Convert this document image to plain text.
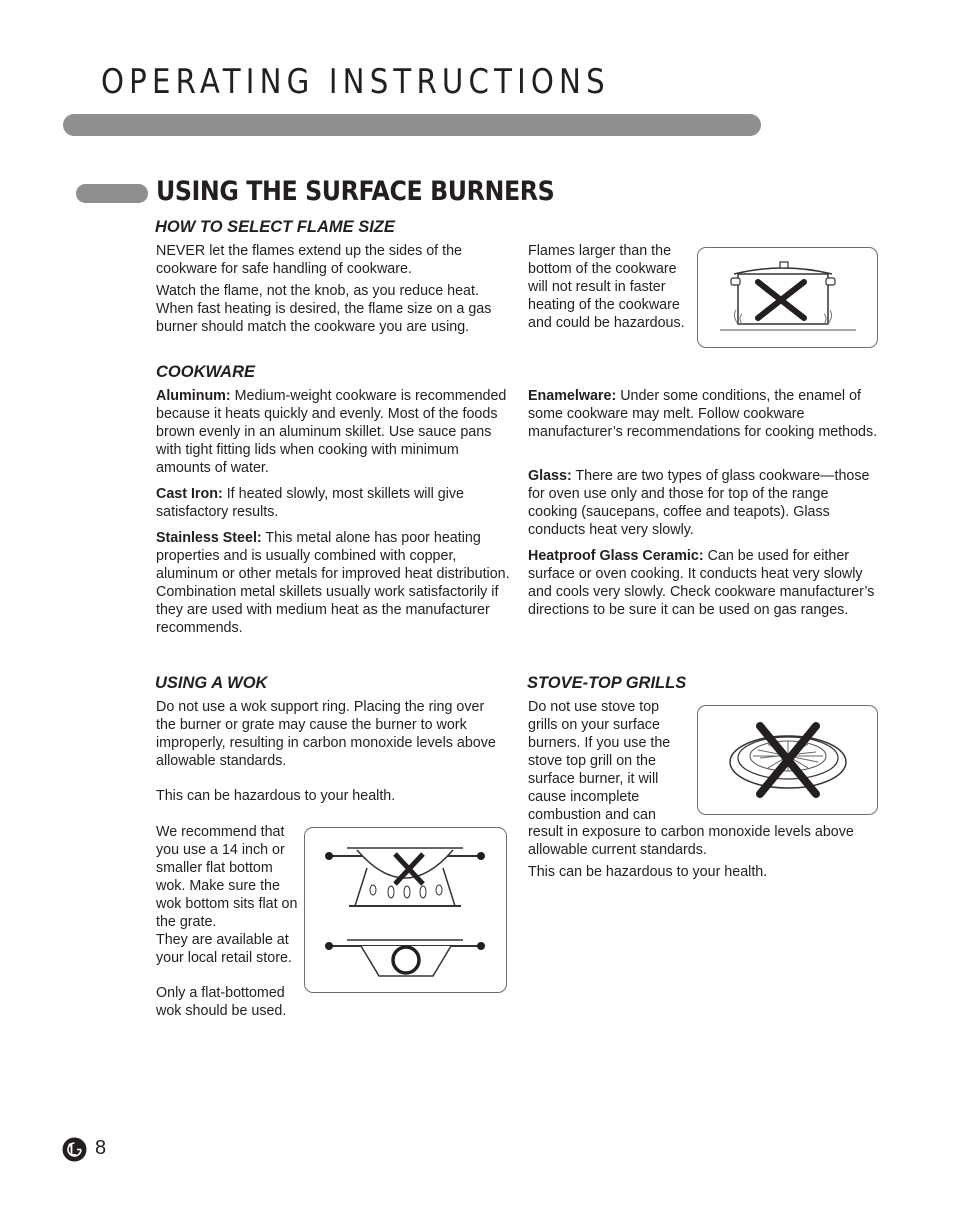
OPERATING INSTRUCTIONS
USING THE SURFACE BURNERS
HOW TO SELECT FLAME SIZE

NEVER let the flames extend up the sides of the cookware for safe handling of cookware.

Watch the flame, not the knob, as you reduce heat. When fast heating is desired, the flame size on a gas burner should match the cookware you are using.

Flames larger than the bottom of the cookware will not result in faster heating of the cookware and could be hazardous.

COOKWARE

Aluminum: Medium-weight cookware is recommended because it heats quickly and evenly. Most of the foods brown evenly in an aluminum skillet. Use sauce pans with tight fitting lids when cooking with minimum amounts of water.

Cast Iron: If heated slowly, most skillets will give satisfactory results.

Stainless Steel: This metal alone has poor heating properties and is usually combined with copper, aluminum or other metals for improved heat distribution. Combination metal skillets usually work satisfactorily if they are used with medium heat as the manufacturer recommends.

Enamelware: Under some conditions, the enamel of some cookware may melt. Follow cookware manufacturer’s recommendations for cooking methods.

Glass: There are two types of glass cookware—those for oven use only and those for top of the range cooking (saucepans, coffee and teapots). Glass conducts heat very slowly.

Heatproof Glass Ceramic: Can be used for either surface or oven cooking. It conducts heat very slowly and cools very slowly. Check cookware manufacturer’s directions to be sure it can be used on gas ranges.

USING A WOK

Do not use a wok support ring. Placing the ring over the burner or grate may cause the burner to work improperly, resulting in carbon monoxide levels above allowable standards.

This can be hazardous to your health.

We recommend that you use a 14 inch or smaller flat bottom wok. Make sure the wok bottom sits flat on the grate.
They are available at your local retail store.

Only a flat-bottomed wok should be used.

STOVE-TOP GRILLS

Do not use stove top grills on your surface burners. If you use the stove top grill on the surface burner, it will cause incomplete combustion and can

result in exposure to carbon monoxide levels above allowable current standards.

This can be hazardous to your health.

8
